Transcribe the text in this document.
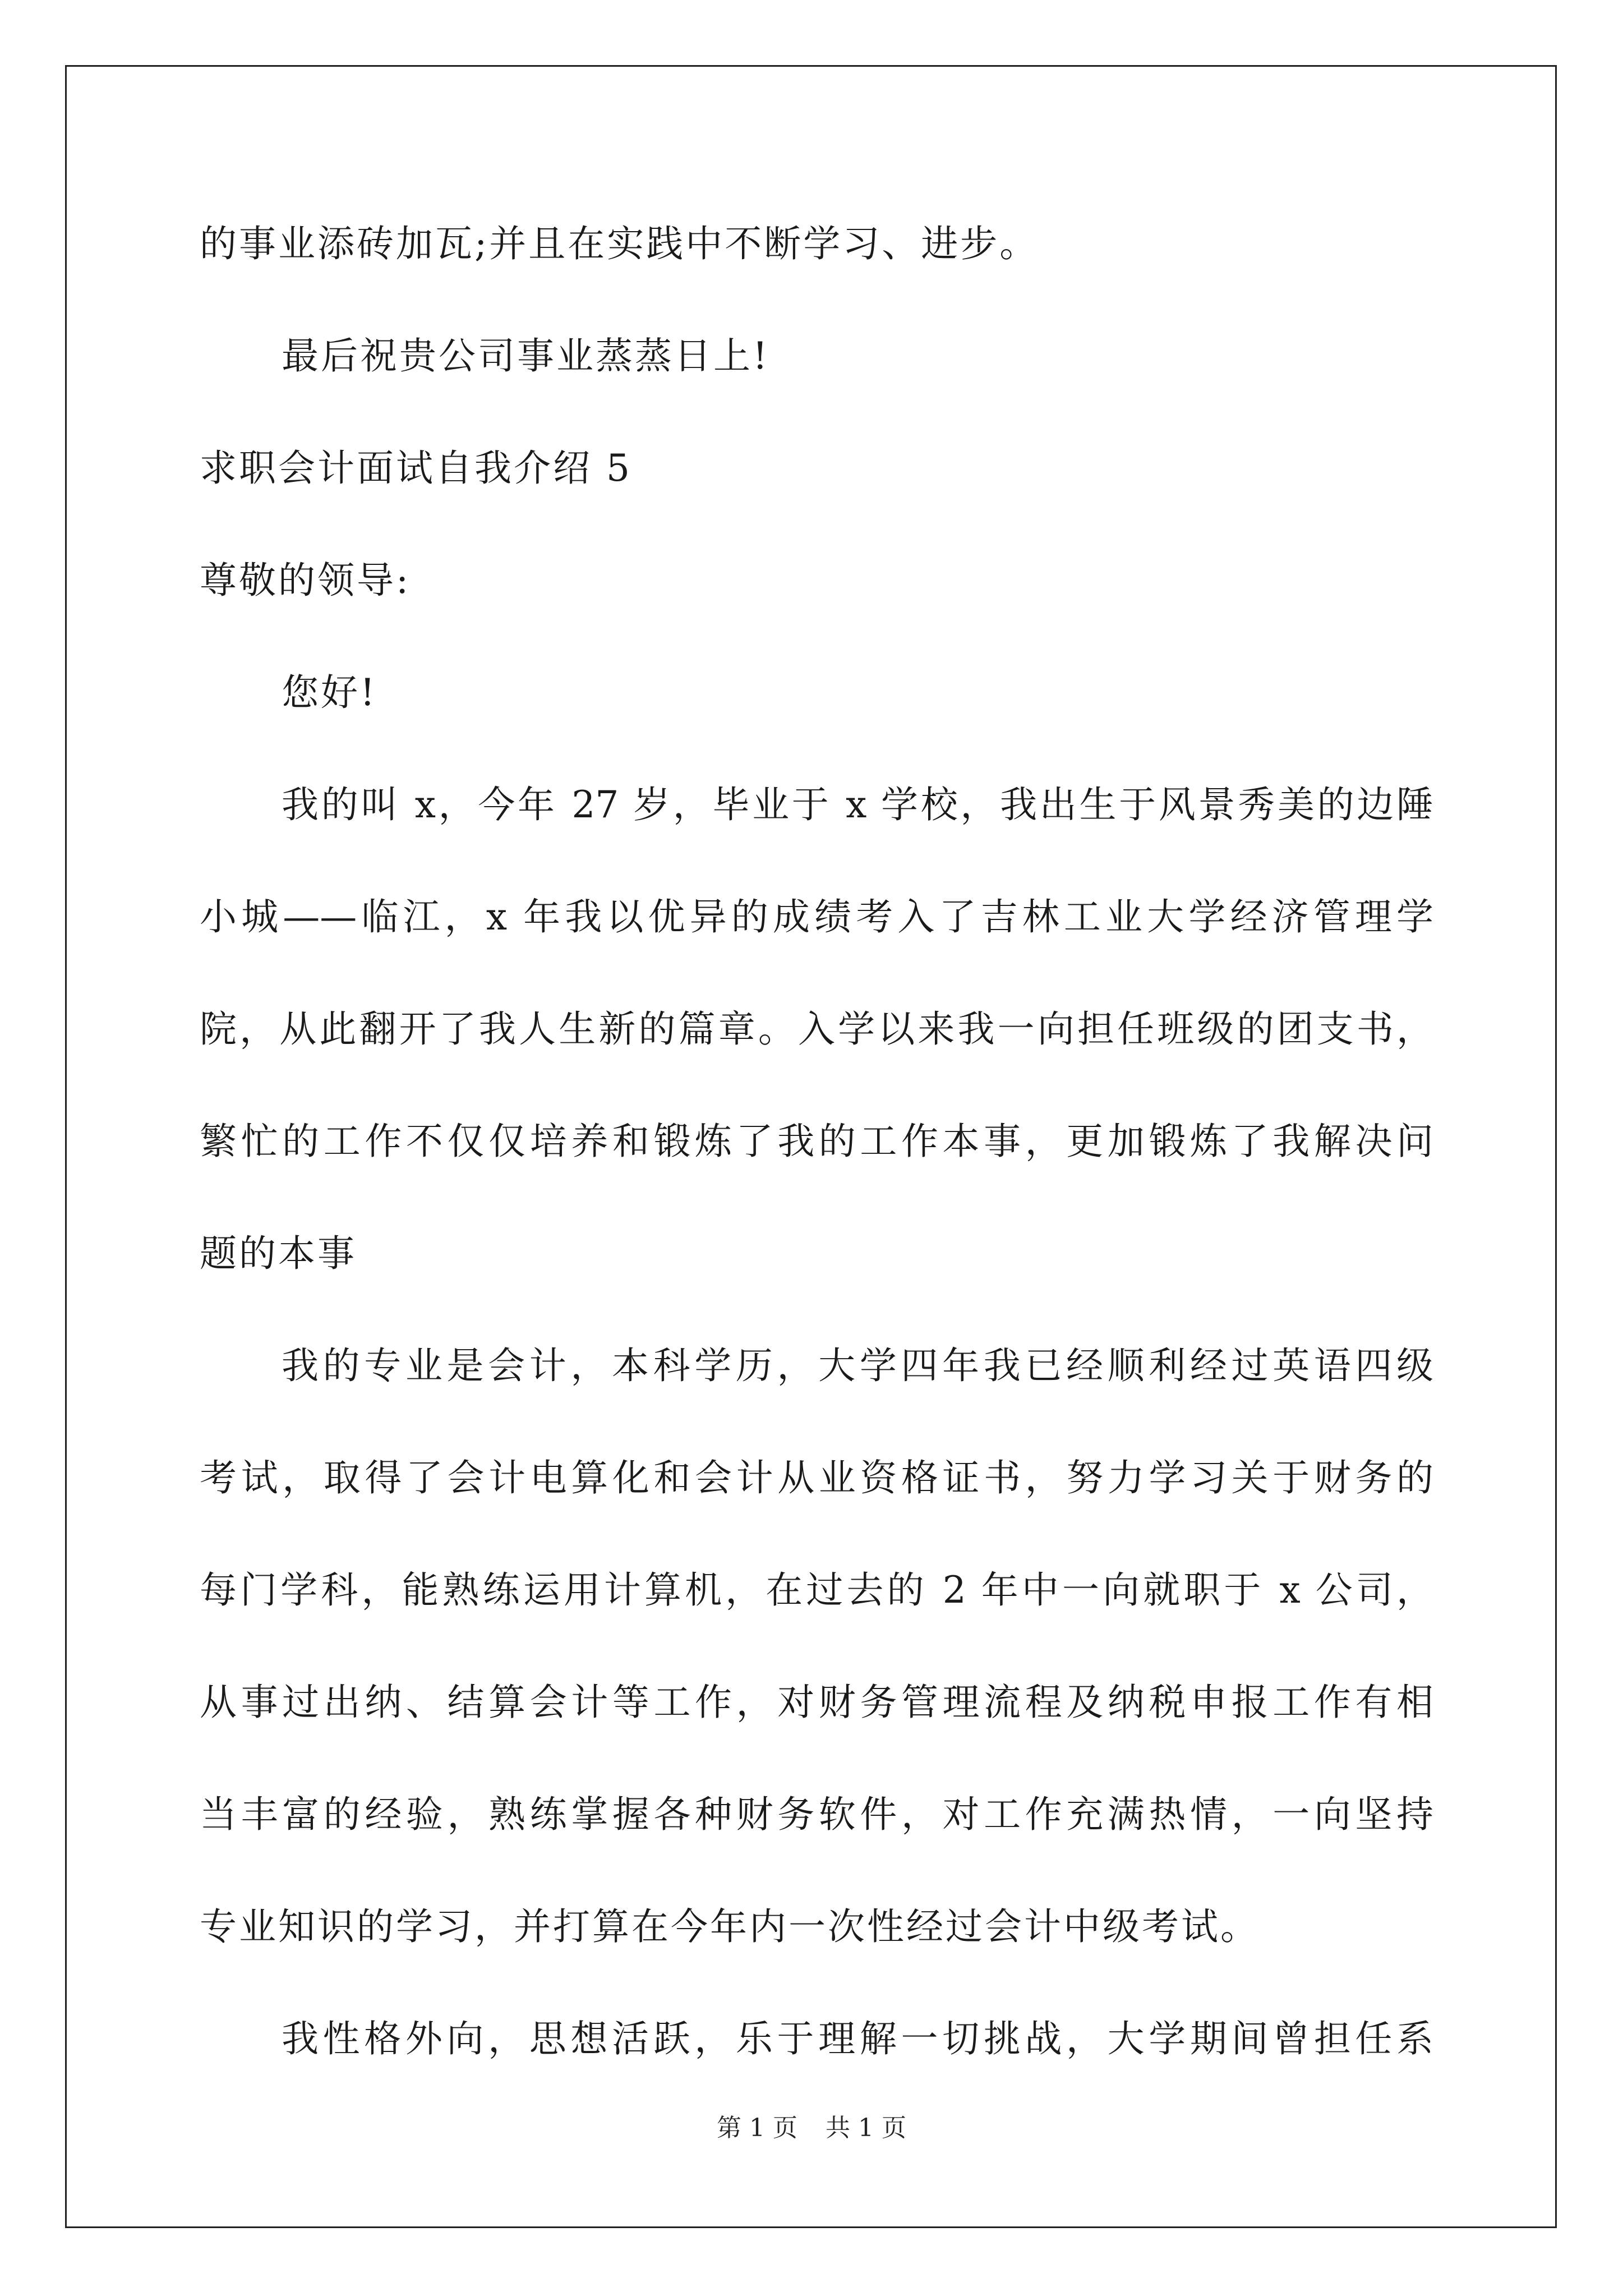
的事业添砖加瓦;并且在实践中不断学习、进步。
最后祝贵公司事业蒸蒸日上!
求职会计面试自我介绍 5
尊敬的领导:
您好!
我的叫 x，今年 27 岁，毕业于 x 学校，我出生于风景秀美的边陲
小城——临江，x 年我以优异的成绩考入了吉林工业大学经济管理学
院，从此翻开了我人生新的篇章。入学以来我一向担任班级的团支书，
繁忙的工作不仅仅培养和锻炼了我的工作本事，更加锻炼了我解决问
题的本事
我的专业是会计，本科学历，大学四年我已经顺利经过英语四级
考试，取得了会计电算化和会计从业资格证书，努力学习关于财务的
每门学科，能熟练运用计算机，在过去的 2 年中一向就职于 x 公司，
从事过出纳、结算会计等工作，对财务管理流程及纳税申报工作有相
当丰富的经验，熟练掌握各种财务软件，对工作充满热情，一向坚持
专业知识的学习，并打算在今年内一次性经过会计中级考试。
我性格外向，思想活跃，乐于理解一切挑战，大学期间曾担任系
第 1 页 共 1 页
